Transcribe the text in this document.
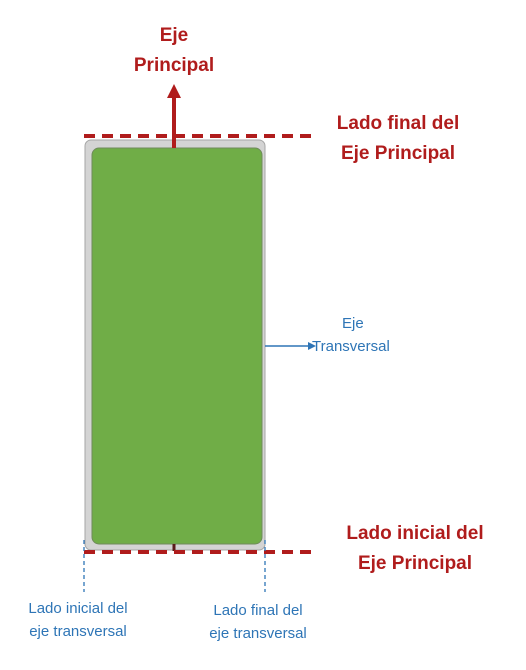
Eje
Principal
Lado final del
Eje Principal
Lado inicial del
Eje Principal
Eje
Transversal
Lado inicial del
eje transversal
Lado final del
eje transversal
